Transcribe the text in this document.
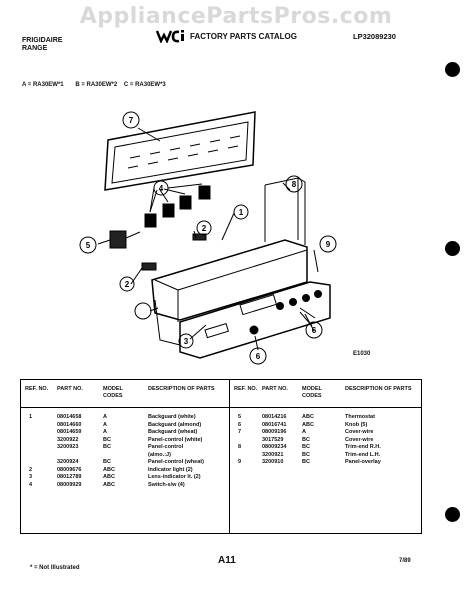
AppliancePartsPros.com
FRIGIDAIRE
RANGE
FACTORY PARTS CATALOG	LP32089230
A = RA30EW*1 B = RA30EW*2 C = RA30EW*3
7
4	8
1
5
2
9
2
6
3
6
E1030
REF. NO. PART NO.	MODEL CODES
DESCRIPTION OF PARTS	REF. NO. PART NO.	MODEL CODES
DESCRIPTION OF PARTS
1	08014658	A	Backguard (white)
08014660	A	Backguard (almond)
08014659	A	Backguard (wheat)
3200922	BC	Panel-control (white)
3200923	BC	Panel-control
(almo.:J)
3200924	BC	Panel-control (wheat)
2	08009676	ABC	Indicator light (2)
3	08012789	ABC	Lens-indicator lt. (2)
4	08009929	ABC	Switch-s/w (4)
5	08014216	ABC	Thermostat
6	08016741	ABC	Knob (5)
7	08009196	A	Cover-wire
3017529	BC	Cover-wire
8	08009234	BC	Trim-end R.H.
3200921	BC	Trim-end L.H.
9	3200910	BC	Panel-overlay
* = Not Illustrated
A11	7/89
